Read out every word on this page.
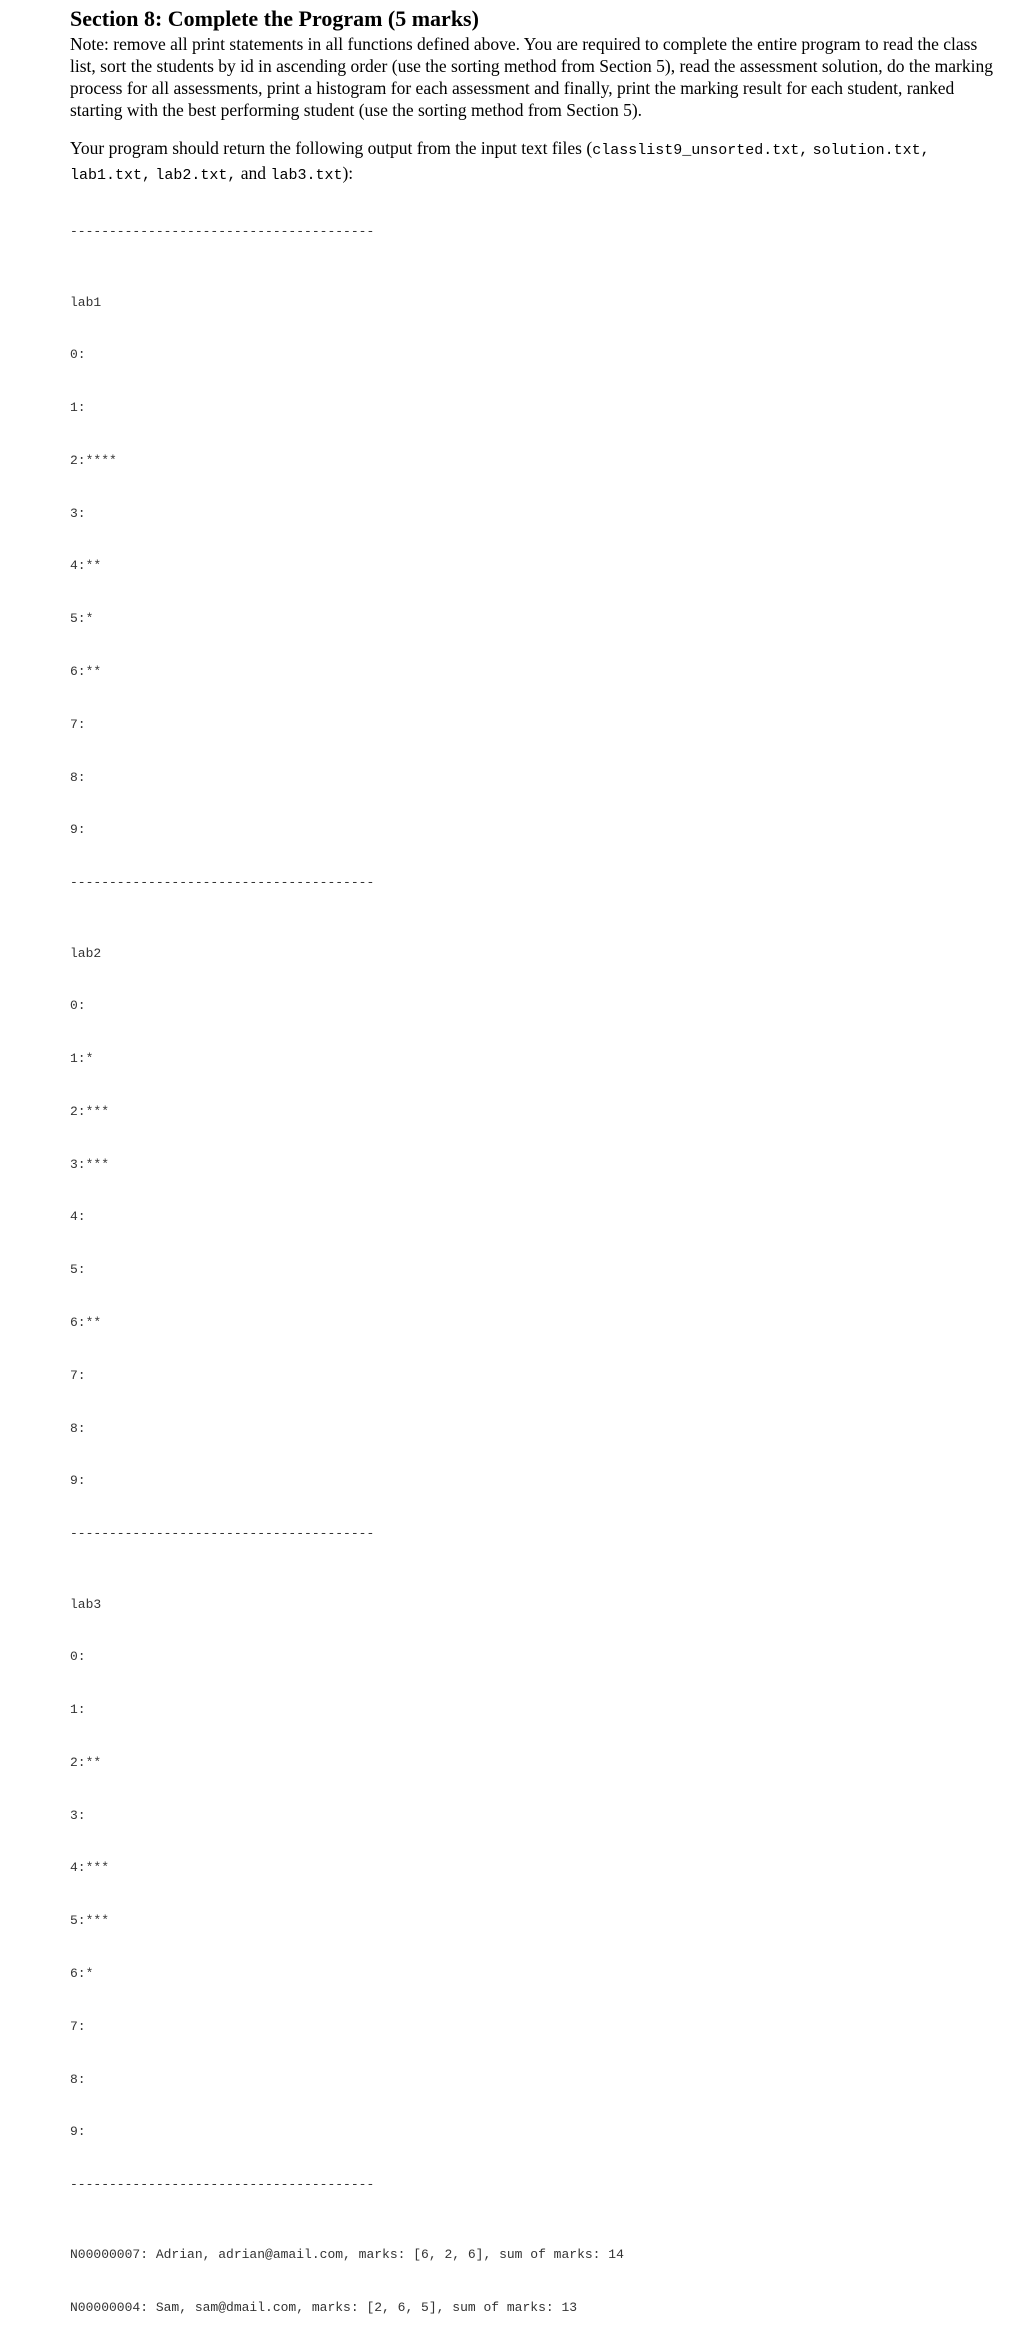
Section 8: Complete the Program (5 marks)

Note: remove all print statements in all functions defined above. You are required to complete the entire program to read the class list, sort the students by id in ascending order (use the sorting method from Section 5), read the assessment solution, do the marking process for all assessments, print a histogram for each assessment and finally, print the marking result for each student, ranked starting with the best performing student (use the sorting method from Section 5).

Your program should return the following output from the input text files (classlist9_unsorted.txt, solution.txt, lab1.txt, lab2.txt, and lab3.txt):

---------------------------------------

lab1

0:

1:

2:****

3:

4:**

5:*

6:**

7:

8:

9:

---------------------------------------

lab2

0:

1:*

2:***

3:***

4:

5:

6:**

7:

8:

9:

---------------------------------------

lab3

0:

1:

2:**

3:

4:***

5:***

6:*

7:

8:

9:

---------------------------------------

N00000007: Adrian, adrian@amail.com, marks: [6, 2, 6], sum of marks: 14

N00000004: Sam, sam@dmail.com, marks: [2, 6, 5], sum of marks: 13
